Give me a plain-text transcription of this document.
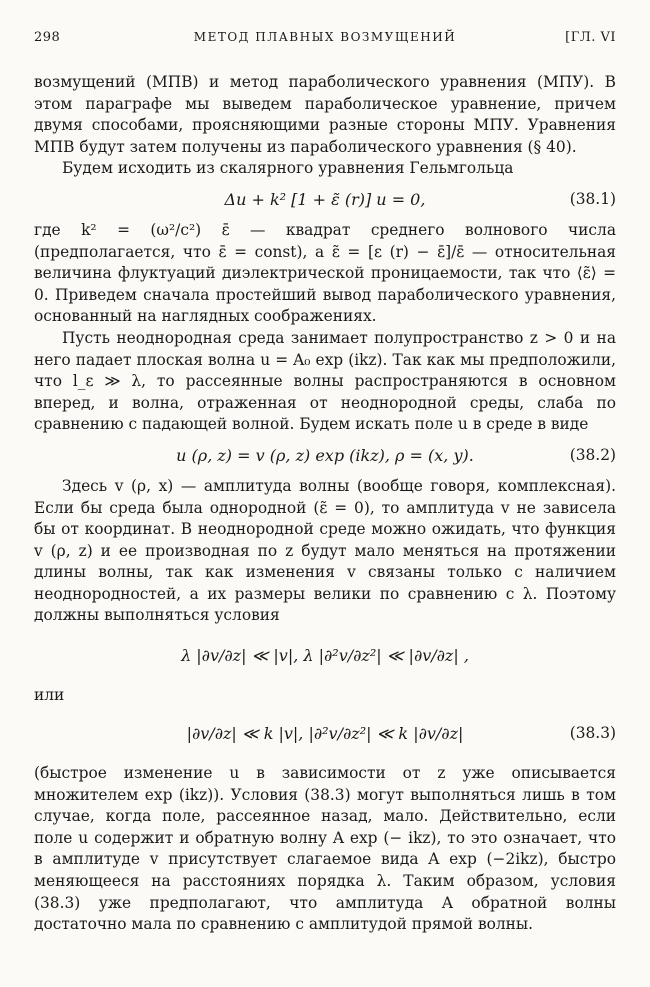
298	МЕТОД ПЛАВНЫХ ВОЗМУЩЕНИЙ	[ГЛ. VI

возмущений (МПВ) и метод параболического уравнения (МПУ). В этом параграфе мы выведем параболическое уравнение, причем двумя способами, проясняющими разные стороны МПУ. Уравнения МПВ будут затем получены из параболического уравнения (§ 40).

Будем исходить из скалярного уравнения Гельмгольца

Δu + k² [1 + ε̃ (r)] u = 0,	(38.1)

где k² = (ω²/c²) ε̄ — квадрат среднего волнового числа (предполагается, что ε̄ = const), а ε̃ = [ε (r) − ε̄]/ε̄ — относительная величина флуктуаций диэлектрической проницаемости, так что ⟨ε̃⟩ = 0. Приведем сначала простейший вывод параболического уравнения, основанный на наглядных соображениях.

Пусть неоднородная среда занимает полупространство z > 0 и на него падает плоская волна u = A₀ exp (ikz). Так как мы предположили, что l_ε ≫ λ, то рассеянные волны распространяются в основном вперед, и волна, отраженная от неоднородной среды, слаба по сравнению с падающей волной. Будем искать поле u в среде в виде

u (ρ, z) = v (ρ, z) exp (ikz), ρ = (x, y).	(38.2)

Здесь v (ρ, x) — амплитуда волны (вообще говоря, комплексная). Если бы среда была однородной (ε̃ = 0), то амплитуда v не зависела бы от координат. В неоднородной среде можно ожидать, что функция v (ρ, z) и ее производная по z будут мало меняться на протяжении длины волны, так как изменения v связаны только с наличием неоднородностей, а их размеры велики по сравнению с λ. Поэтому должны выполняться условия

λ |∂v/∂z| ≪ |v|, λ |∂²v/∂z²| ≪ |∂v/∂z| ,

или

|∂v/∂z| ≪ k |v|, |∂²v/∂z²| ≪ k |∂v/∂z|	(38.3)

(быстрое изменение u в зависимости от z уже описывается множителем exp (ikz)). Условия (38.3) могут выполняться лишь в том случае, когда поле, рассеянное назад, мало. Действительно, если поле u содержит и обратную волну A exp (− ikz), то это означает, что в амплитуде v присутствует слагаемое вида A exp (−2ikz), быстро меняющееся на расстояниях порядка λ. Таким образом, условия (38.3) уже предполагают, что амплитуда A обратной волны достаточно мала по сравнению с амплитудой прямой волны.
